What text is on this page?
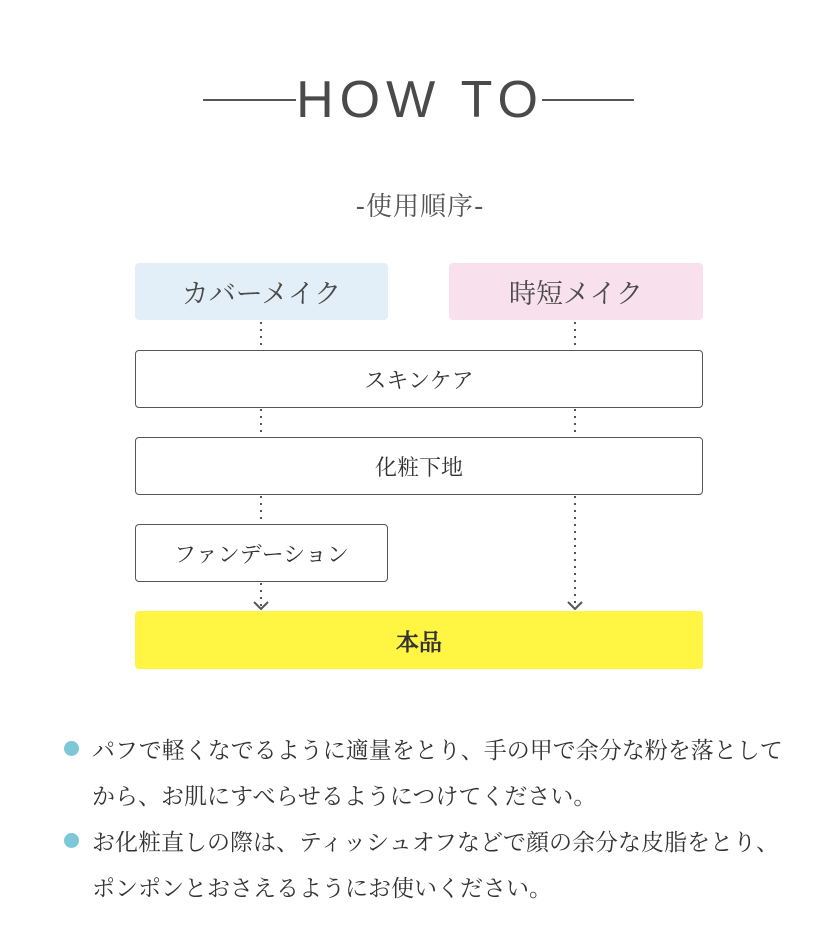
HOW TO
-使用順序-
カバーメイク	時短メイク
スキンケア
化粧下地
ファンデーション
本品
パフで軽くなでるように適量をとり、手の甲で余分な粉を落としてから、お肌にすべらせるようにつけてください。
お化粧直しの際は、ティッシュオフなどで顔の余分な皮脂をとり、ポンポンとおさえるようにお使いください。
